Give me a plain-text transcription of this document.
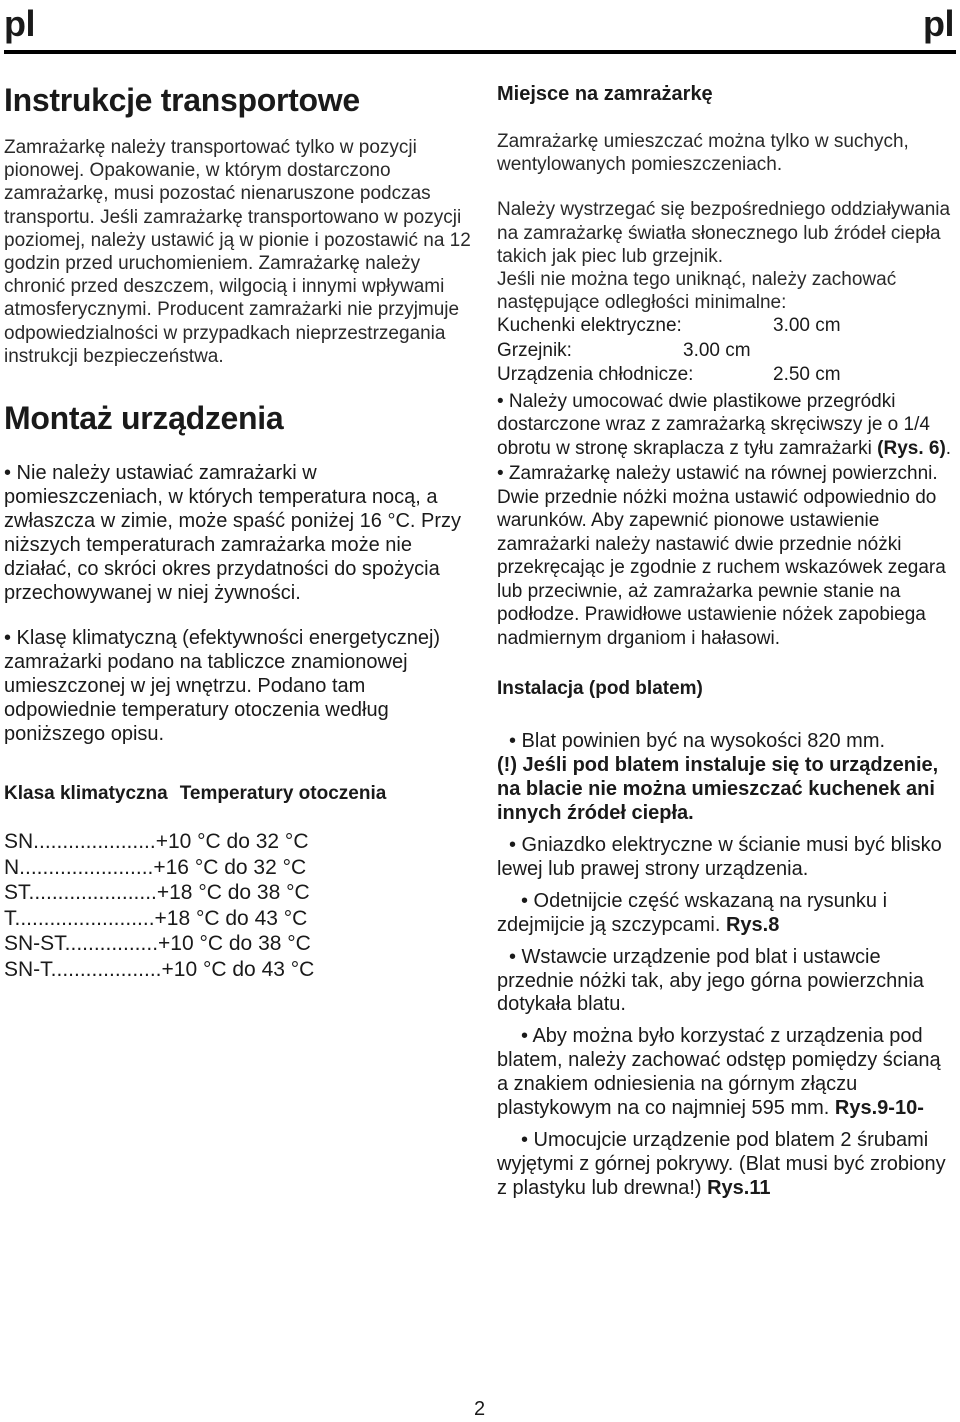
pl	pl
Instrukcje transportowe

Zamrażarkę należy transportować tylko w pozycji pionowej. Opakowanie, w którym dostarczono zamrażarkę, musi pozostać nienaruszone podczas transportu. Jeśli zamrażarkę transportowano w pozycji poziomej, należy ustawić ją w pionie i pozostawić na 12 godzin przed uruchomieniem. Zamrażarkę należy chronić przed deszczem, wilgocią i innymi wpływami atmosferycznymi. Producent zamrażarki nie przyjmuje odpowiedzialności w przypadkach nieprzestrzegania instrukcji bezpieczeństwa.

Montaż urządzenia

• Nie należy ustawiać zamrażarki w pomieszczeniach, w których temperatura nocą, a zwłaszcza w zimie, może spaść poniżej 16 °C. Przy niższych temperaturach zamrażarka może nie działać, co skróci okres przydatności do spożycia przechowywanej w niej żywności.

• Klasę klimatyczną (efektywności energetycznej) zamrażarki podano na tabliczce znamionowej umieszczonej w jej wnętrzu. Podano tam odpowiednie temperatury otoczenia według poniższego opisu.

Klasa klimatyczna Temperatury otoczenia
SN.....................+10 °C do 32 °C
N.......................+16 °C do 32 °C
ST......................+18 °C do 38 °C
T........................+18 °C do 43 °C
SN-ST................+10 °C do 38 °C
SN-T...................+10 °C do 43 °C
Miejsce na zamrażarkę

Zamrażarkę umieszczać można tylko w suchych, wentylowanych pomieszczeniach.

Należy wystrzegać się bezpośredniego oddziaływania na zamrażarkę światła słonecznego lub źródeł ciepła takich jak piec lub grzejnik.

Jeśli nie można tego uniknąć, należy zachować następujące odległości minimalne:

Kuchenki elektryczne:	3.00 cm
Grzejnik:	3.00 cm
Urządzenia chłodnicze:	2.50 cm

• Należy umocować dwie plastikowe przegródki dostarczone wraz z zamrażarką skręciwszy je o 1/4 obrotu w stronę skraplacza z tyłu zamrażarki (Rys. 6).

• Zamrażarkę należy ustawić na równej powierzchni. Dwie przednie nóżki można ustawić odpowiednio do warunków. Aby zapewnić pionowe ustawienie zamrażarki należy nastawić dwie przednie nóżki przekręcając je zgodnie z ruchem wskazówek zegara lub przeciwnie, aż zamrażarka pewnie stanie na podłodze. Prawidłowe ustawienie nóżek zapobiega nadmiernym drganiom i hałasowi.

Instalacja (pod blatem)

• Blat powinien być na wysokości 820 mm.

(!) Jeśli pod blatem instaluje się to urządzenie, na blacie nie można umieszczać kuchenek ani innych źródeł ciepła.

• Gniazdko elektryczne w ścianie musi być blisko lewej lub prawej strony urządzenia.

• Odetnijcie część wskazaną na rysunku i zdejmijcie ją szczypcami. Rys.8

• Wstawcie urządzenie pod blat i ustawcie przednie nóżki tak, aby jego górna powierzchnia dotykała blatu.

• Aby można było korzystać z urządzenia pod blatem, należy zachować odstęp pomiędzy ścianą a znakiem odniesienia na górnym złączu plastykowym na co najmniej 595 mm. Rys.9-10-

• Umocujcie urządzenie pod blatem 2 śrubami wyjętymi z górnej pokrywy. (Blat musi być zrobiony z plastyku lub drewna!) Rys.11

2
